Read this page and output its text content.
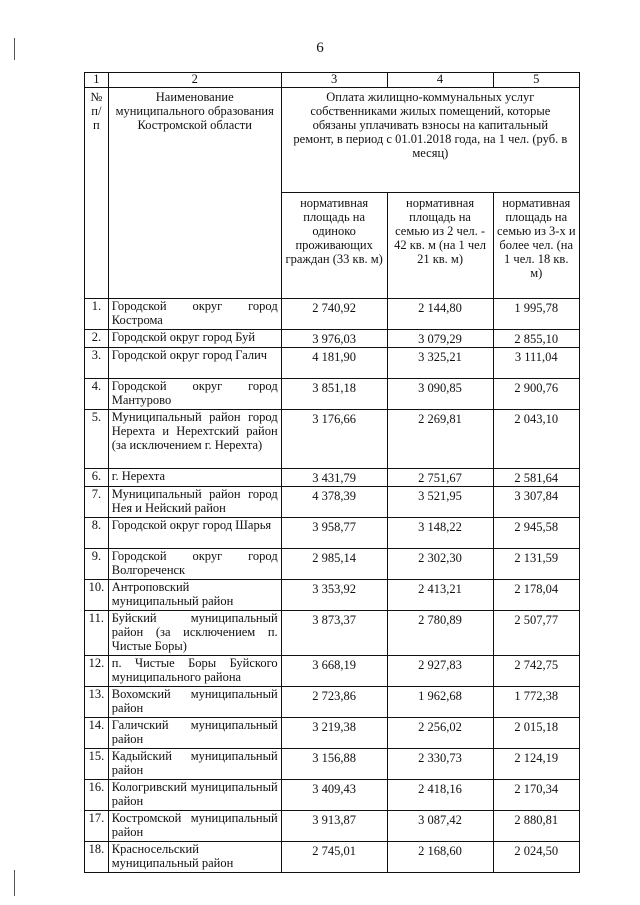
6
1	2	3	4	5
№ п/п	Наименование муниципального образования Костромской области	Оплата жилищно-коммунальных услуг собственниками жилых помещений, которые обязаны уплачивать взносы на капитальный ремонт, в период с 01.01.2018 года, на 1 чел. (руб. в месяц)		
		нормативная площадь на одиноко проживающих граждан (33 кв. м)	нормативная площадь на семью из 2 чел. - 42 кв. м (на 1 чел 21 кв. м)	нормативная площадь на семью из 3-х и более чел. (на 1 чел. 18 кв. м)
1.	Городской округ город Кострома	2 740,92	2 144,80	1 995,78
2.	Городской округ город Буй	3 976,03	3 079,29	2 855,10
3.	Городской округ город Галич	4 181,90	3 325,21	3 111,04
4.	Городской округ город Мантурово	3 851,18	3 090,85	2 900,76
5.	Муниципальный район город Нерехта и Нерехтский район (за исключением г. Нерехта)	3 176,66	2 269,81	2 043,10
6.	г. Нерехта	3 431,79	2 751,67	2 581,64
7.	Муниципальный район город Нея и Нейский район	4 378,39	3 521,95	3 307,84
8.	Городской округ город Шарья	3 958,77	3 148,22	2 945,58
9.	Городской округ город Волгореченск	2 985,14	2 302,30	2 131,59
10.	Антроповский муниципальный район	3 353,92	2 413,21	2 178,04
11.	Буйский муниципальный район (за исключением п. Чистые Боры)	3 873,37	2 780,89	2 507,77
12.	п. Чистые Боры Буйского муниципального района	3 668,19	2 927,83	2 742,75
13.	Вохомский муниципальный район	2 723,86	1 962,68	1 772,38
14.	Галичский муниципальный район	3 219,38	2 256,02	2 015,18
15.	Кадыйский муниципальный район	3 156,88	2 330,73	2 124,19
16.	Кологривский муниципальный район	3 409,43	2 418,16	2 170,34
17.	Костромской муниципальный район	3 913,87	3 087,42	2 880,81
18.	Красносельский муниципальный район	2 745,01	2 168,60	2 024,50
